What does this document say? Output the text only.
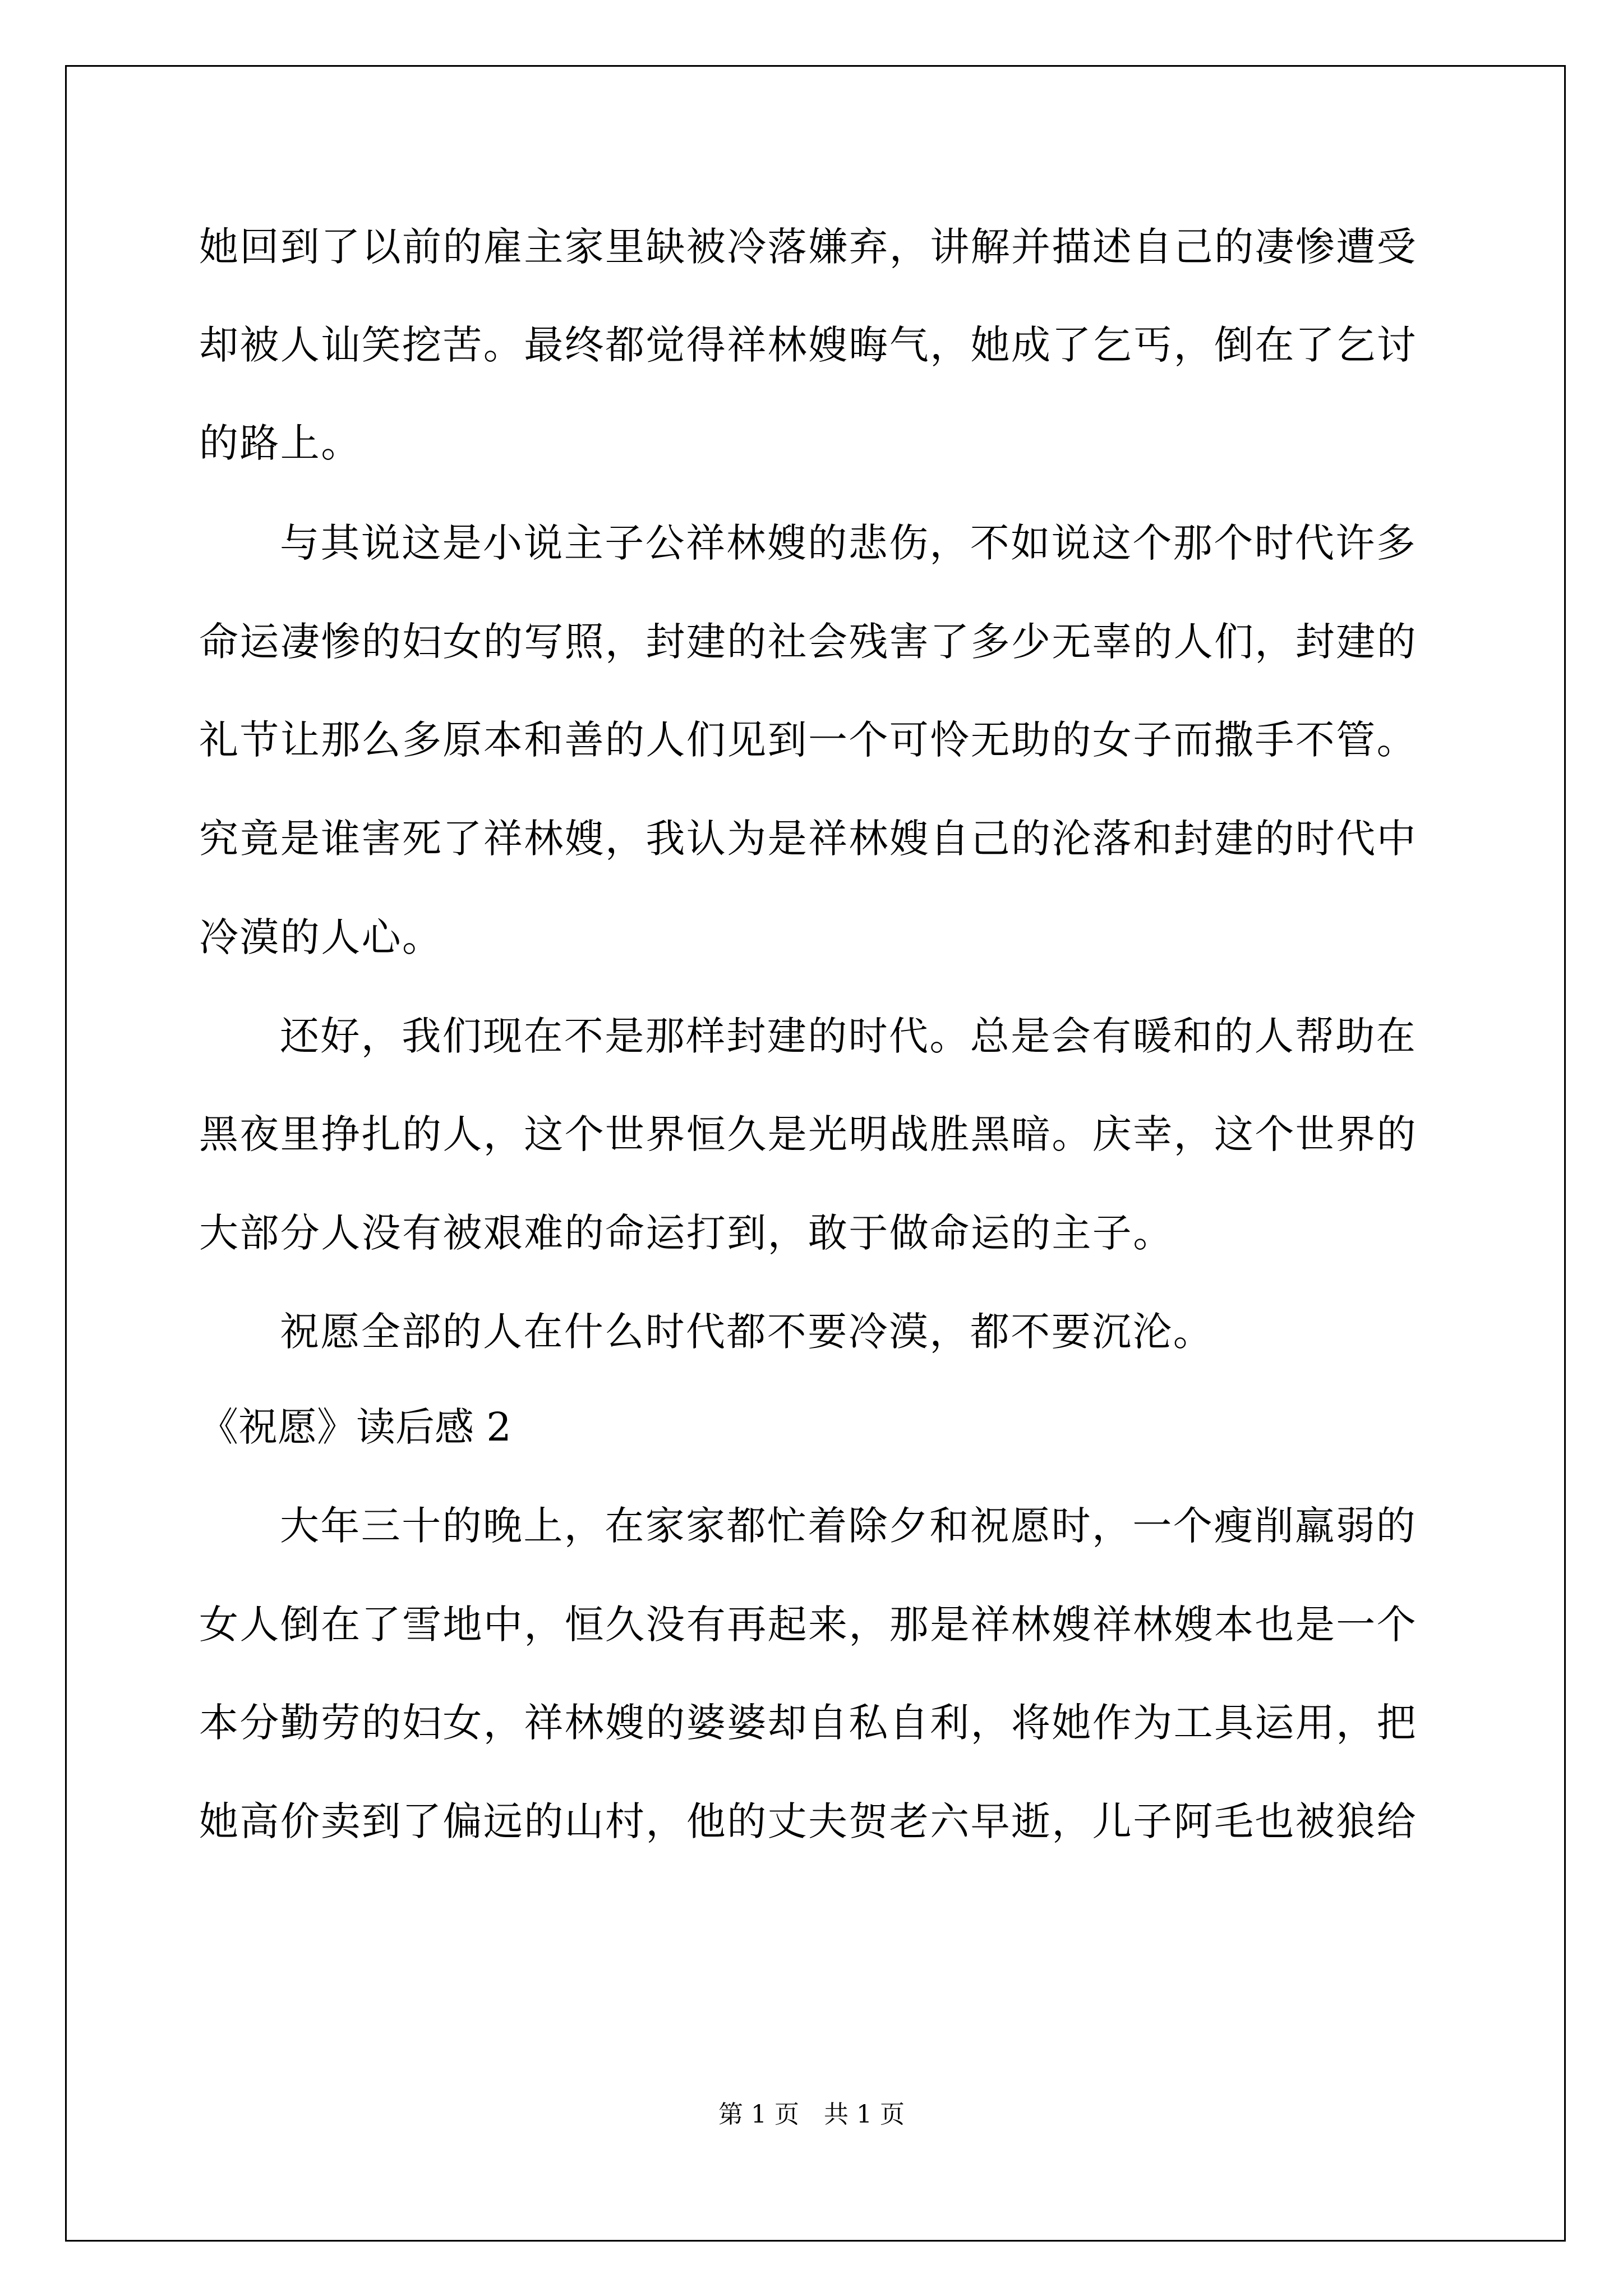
她回到了以前的雇主家里缺被冷落嫌弃，讲解并描述自己的凄惨遭受

却被人讪笑挖苦。最终都觉得祥林嫂晦气，她成了乞丐，倒在了乞讨

的路上。

与其说这是小说主子公祥林嫂的悲伤，不如说这个那个时代许多

命运凄惨的妇女的写照，封建的社会残害了多少无辜的人们，封建的

礼节让那么多原本和善的人们见到一个可怜无助的女子而撒手不管。

究竟是谁害死了祥林嫂，我认为是祥林嫂自己的沦落和封建的时代中

冷漠的人心。

还好，我们现在不是那样封建的时代。总是会有暖和的人帮助在

黑夜里挣扎的人，这个世界恒久是光明战胜黑暗。庆幸，这个世界的

大部分人没有被艰难的命运打到，敢于做命运的主子。

祝愿全部的人在什么时代都不要冷漠，都不要沉沦。

《祝愿》读后感 2

大年三十的晚上，在家家都忙着除夕和祝愿时，一个瘦削羸弱的

女人倒在了雪地中，恒久没有再起来，那是祥林嫂祥林嫂本也是一个

本分勤劳的妇女，祥林嫂的婆婆却自私自利，将她作为工具运用，把

她高价卖到了偏远的山村，他的丈夫贺老六早逝，儿子阿毛也被狼给

第 1 页 共 1 页
